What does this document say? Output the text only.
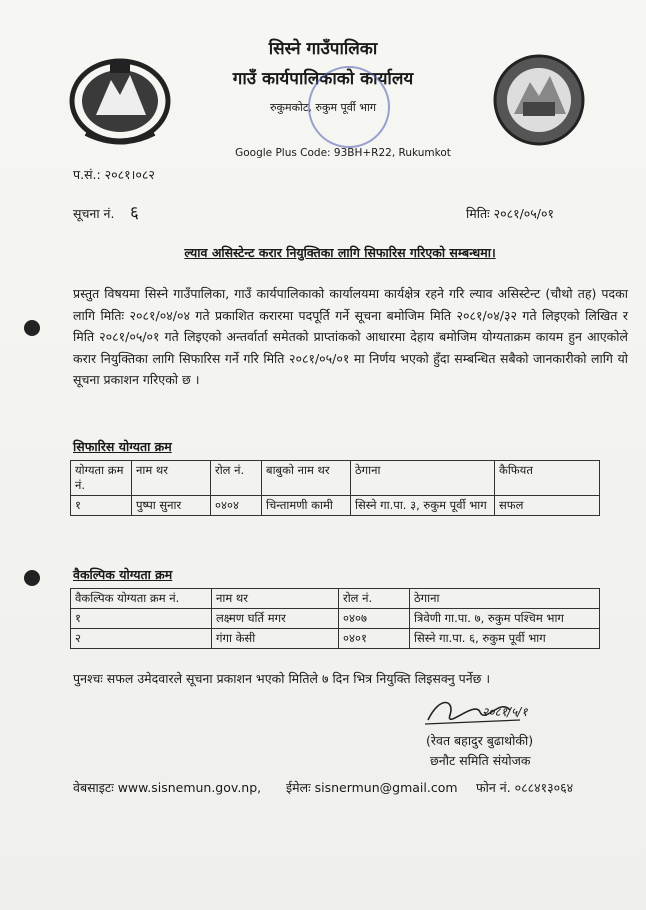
सिस्ने गाउँपालिका
गाउँ कार्यपालिकाको कार्यालय
रुकुमकोट, रुकुम पूर्वी भाग
Google Plus Code: 93BH+R22, Rukumkot
प.सं.: २०८१।०८२
सूचना नं. ६	मितिः २०८१/०५/०१
ल्याव असिस्टेन्ट करार नियुक्तिका लागि सिफारिस गरिएको सम्बन्धमा।
प्रस्तुत विषयमा सिस्ने गाउँपालिका, गाउँ कार्यपालिकाको कार्यालयमा कार्यक्षेत्र रहने गरि ल्याव असिस्टेन्ट (चौथो तह) पदका लागि मितिः २०८१/०४/०४ गते प्रकाशित करारमा पदपूर्ति गर्ने सूचना बमोजिम मिति २०८१/०४/३२ गते लिइएको लिखित र मिति २०८१/०५/०१ गते लिइएको अन्तर्वार्ता समेतको प्राप्तांकको आधारमा देहाय बमोजिम योग्यताक्रम कायम हुन आएकोले करार नियुक्तिका लागि सिफारिस गर्ने गरि मिति २०८१/०५/०१ मा निर्णय भएको हुँदा सम्बन्धित सबैको जानकारीको लागि यो सूचना प्रकाशन गरिएको छ ।
सिफारिस योग्यता क्रम
योग्यता क्रम नं.	नाम थर	रोल नं.	बाबुको नाम थर	ठेगाना	कैफियत
१	पुष्पा सुनार	०४०४	चिन्तामणी कामी	सिस्ने गा.पा. ३, रुकुम पूर्वी भाग	सफल
वैकल्पिक योग्यता क्रम
वैकल्पिक योग्यता क्रम नं.	नाम थर	रोल नं.	ठेगाना
१	लक्ष्मण घर्ति मगर	०४०७	त्रिवेणी गा.पा. ७, रुकुम पश्चिम भाग
२	गंगा केसी	०४०१	सिस्ने गा.पा. ६, रुकुम पूर्वी भाग
पुनश्चः सफल उमेदवारले सूचना प्रकाशन भएको मितिले ७ दिन भित्र नियुक्ति लिइसक्नु पर्नेछ ।
२०८१/५/१
(रेवत बहादुर बुढाथोकी)
छनौट समिति संयोजक
वेबसाइटः www.sisnemun.gov.np, ईमेलः sisnermun@gmail.com फोन नं. ०८८४१३०६४
